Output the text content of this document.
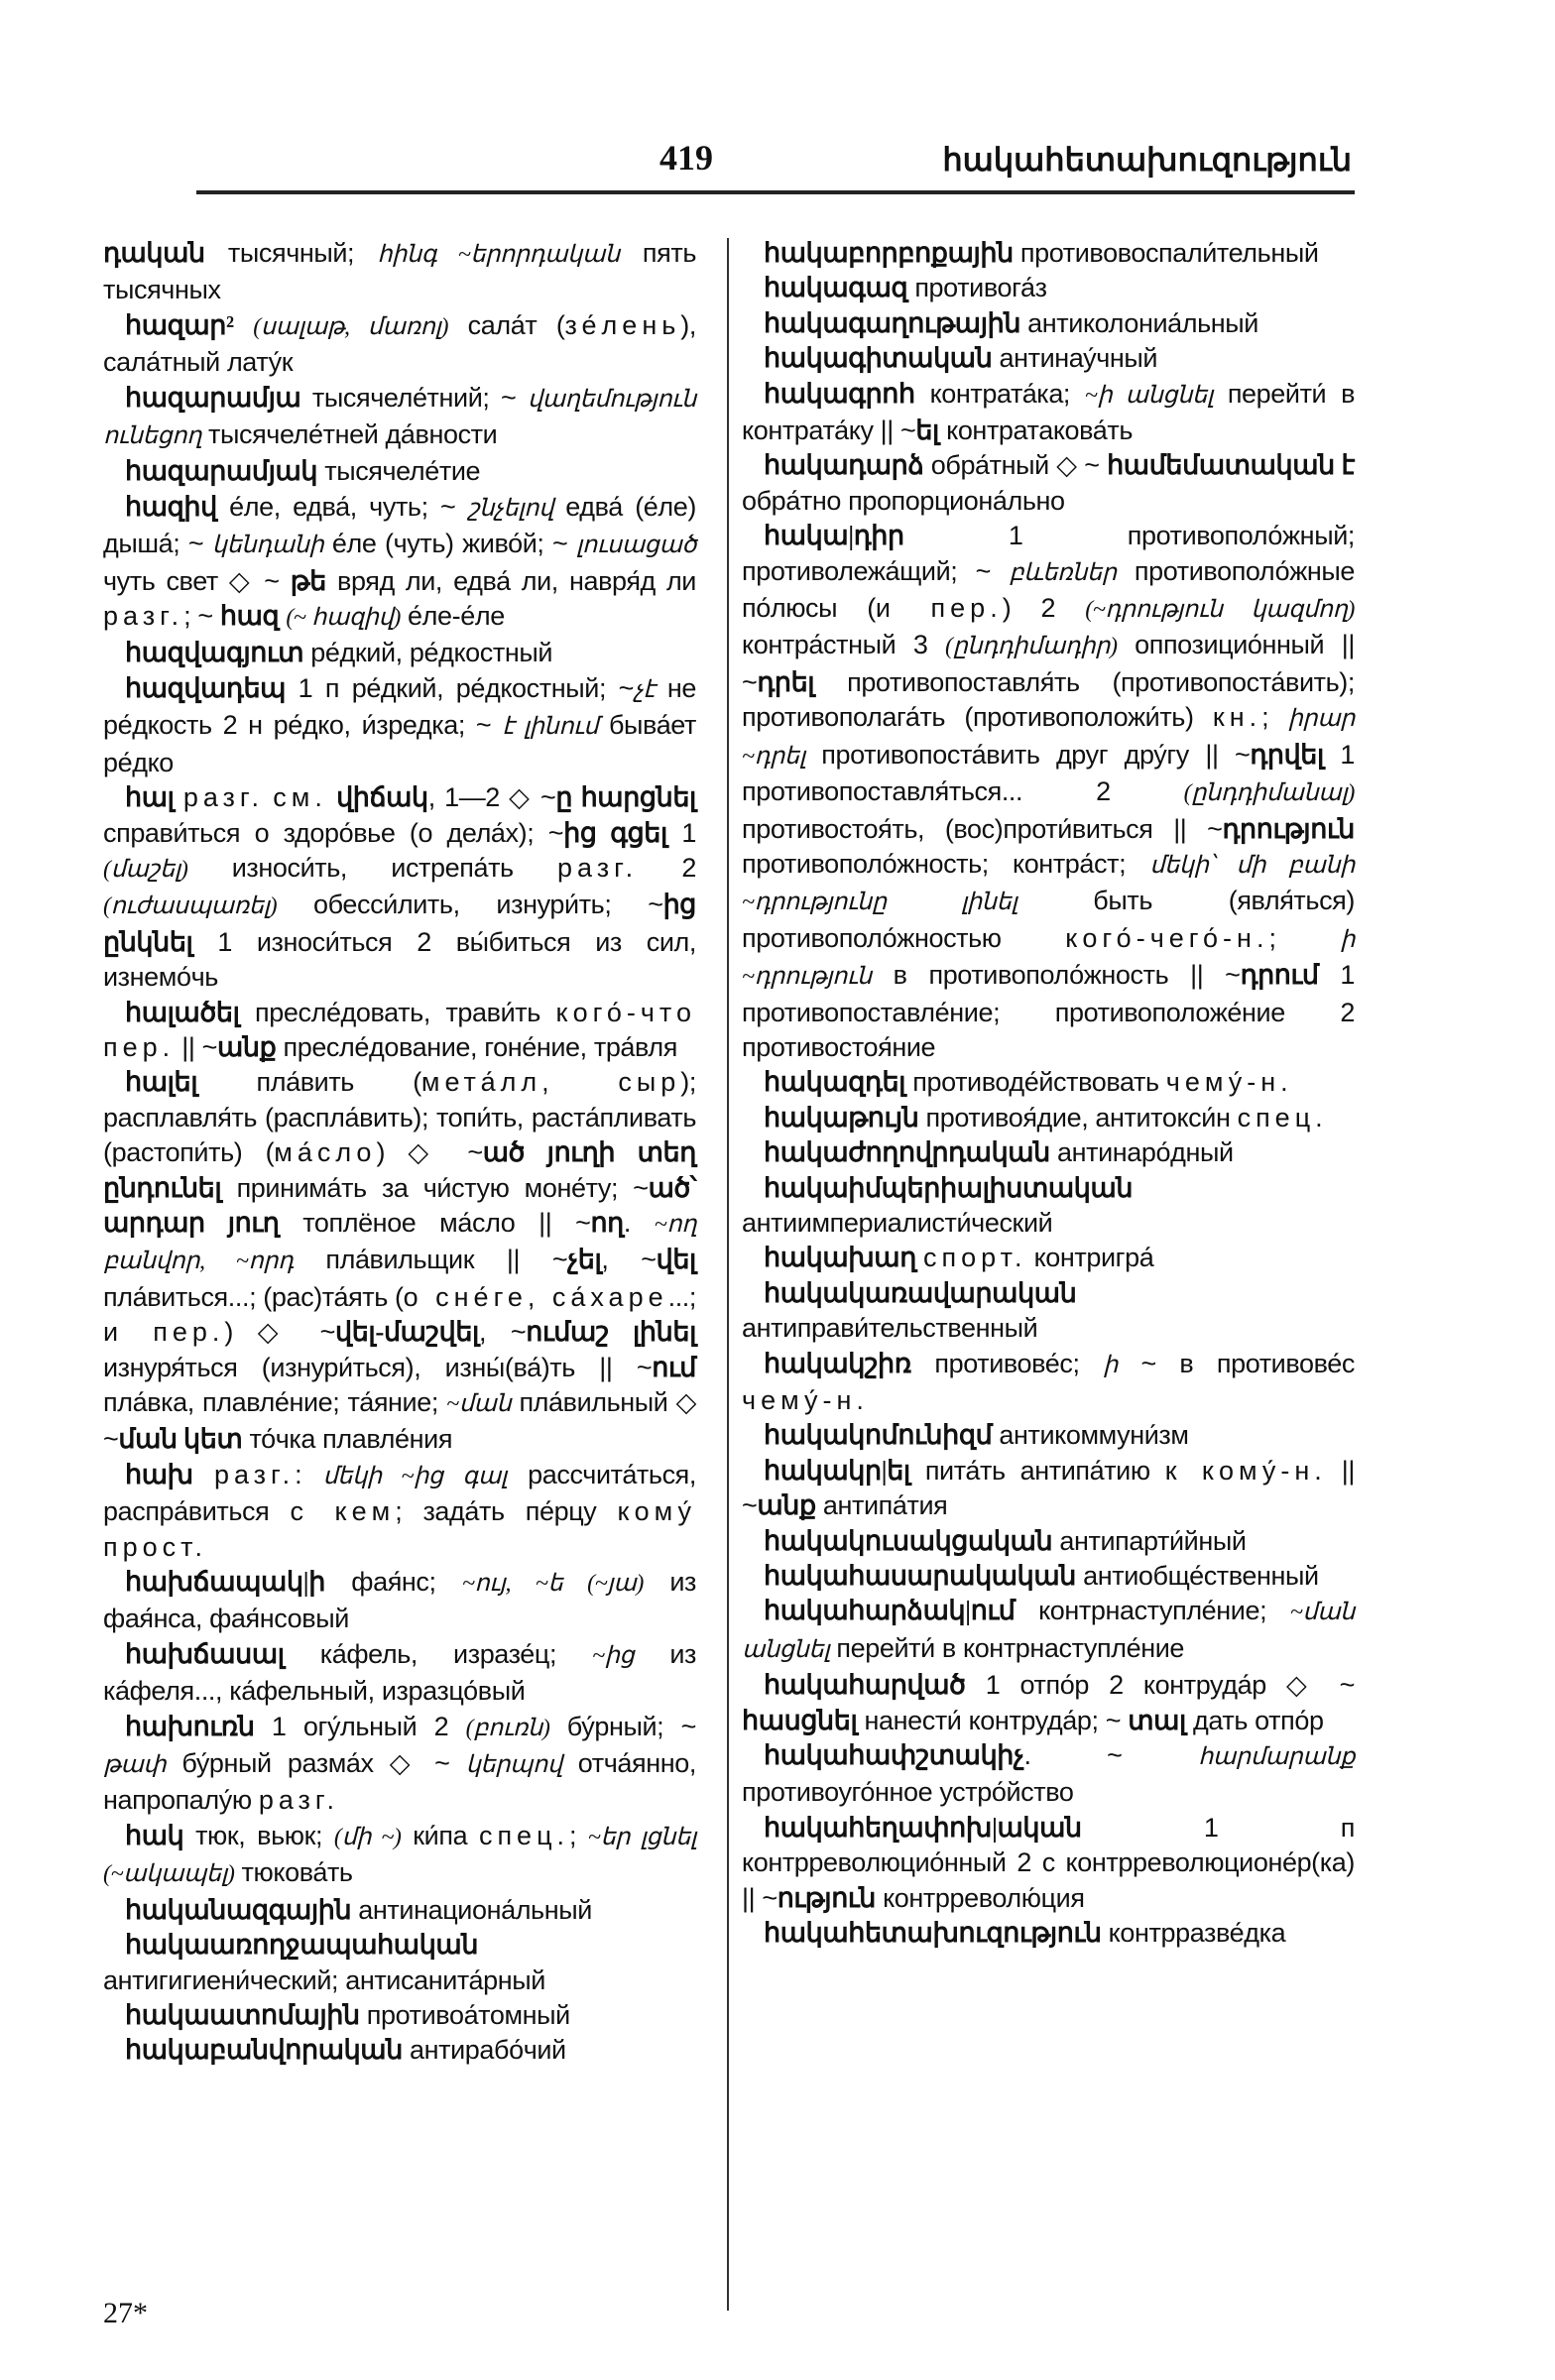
419	հակահետախուզություն

դական тысячный; հինգ ~երորդական пять тысячных

հազար² (սալաթ, մառոլ) сала́т (зе́лень), сала́тный лату́к

հազարամյա тысячеле́тний; ~ վաղեմություն ունեցող тысячеле́тней да́вности

հազարամյակ тысячеле́тие

հազիվ е́ле, едва́, чуть; ~ շնչելով едва́ (е́ле) дыша́; ~ կենդանի е́ле (чуть) живо́й; ~ լուսացած чуть свет ◇ ~ թե вряд ли, едва́ ли, навря́д ли разг.; ~ հազ (~ հազիվ) е́ле-е́ле

հազվագյուտ ре́дкий, ре́дкостный

հազվադեպ 1 п ре́дкий, ре́дкостный; ~չէ не ре́дкость 2 н ре́дко, и́зредка; ~ է լինում быва́ет ре́дко

հալ разг. см. վիճակ, 1—2 ◇ ~ը հարցնել справи́ться о здоро́вье (о дела́х); ~ից գցել 1 (մաշել) износи́ть, истрепа́ть разг. 2 (ուժասպառել) обесси́лить, изнури́ть; ~ից ընկնել 1 износи́ться 2 вы́биться из сил, изнемо́чь

հալածել пресле́довать, трави́ть кого́-что пер. || ~անք пресле́дование, гоне́ние, тра́вля

հալել пла́вить (мета́лл, сыр); расплавля́ть (распла́вить); топи́ть, раста́пливать (растопи́ть) (ма́сло) ◇ ~ած յուղի տեղ ընդունել принима́ть за чи́стую моне́ту; ~ած՝ արդար յուղ топлёное ма́сло || ~ող. ~ող բանվոր, ~որդ пла́вильщик || ~չել, ~վել пла́виться...; (рас)та́ять (о сне́ге, са́харе...; и пер.) ◇ ~վել-մաշվել, ~ումաշ լինել изнуря́ться (изнури́ться), изны́(ва́)ть || ~ում пла́вка, плавле́ние; та́яние; ~ման пла́вильный ◇ ~ման կետ то́чка плавле́ния

հախ разг.: մեկի ~ից գալ рассчита́ться, распра́виться с кем; зада́ть пе́рцу кому́ прост.

հախճապակ|ի фая́нс; ~ույ, ~ե (~յա) из фая́нса, фая́нсовый

հախճասալ ка́фель, изразе́ц; ~ից из ка́феля..., ка́фельный, изразцо́вый

հախուռն 1 огу́льный 2 (բուռն) бу́рный; ~ թափ бу́рный разма́х ◇ ~ կերպով отча́янно, напропалу́ю разг.

հակ тюк, вьюк; (մի ~) ки́па спец.; ~եր լցնել (~ակապել) тюкова́ть

հականազգային антинациона́льный

հակաառողջապահական антигигиени́ческий; антисанита́рный

հակաատոմային противоа́томный

հակաբանվորական антирабо́чий

հակաբորբոքային противовоспали́тельный

հակագազ противога́з

հակագաղութային антиколониа́льный

հակագիտական антинау́чный

հակագրոհ контрата́ка; ~ի անցնել перейти́ в контрата́ку || ~ել контратакова́ть

հակադարձ обра́тный ◇ ~ համեմատական է обра́тно пропорциона́льно

հակա|դիր 1 противополо́жный; противолежа́щий; ~ բևեռներ противополо́жные по́люсы (и пер.) 2 (~դրություն կազմող) контра́стный 3 (ընդդիմադիր) оппозицио́нный || ~դրել противопоставля́ть (противопоста́вить); противополага́ть (противоположи́ть) кн.; իրար ~դրել противопоста́вить друг дру́гу || ~դրվել 1 противопоставля́ться... 2 (ընդդիմանալ) противостоя́ть, (вос)проти́виться || ~դրություն противополо́жность; контра́ст; մեկի՝ մի բանի ~դրությունը լինել быть (явля́ться) противополо́жностью кого́-чего́-н.; ի ~դրություն в противополо́жность || ~դրում 1 противопоставле́ние; противоположе́ние 2 противостоя́ние

հակազդել противоде́йствовать чему́-н.

հակաթույն противоя́дие, антитокси́н спец.

հակաժողովրդական антинаро́дный

հակաիմպերիալիստական антиимпериалисти́ческий

հակախաղ спорт. контригра́

հակակառավարական антиправи́тельственный

հակակշիռ противове́с; ի ~ в противове́с чему́-н.

հակակոմունիզմ антикоммуни́зм

հակակր|ել пита́ть антипа́тию к кому́-н. || ~անք антипа́тия

հակակուսակցական антипарти́йный

հակահասարակական антиобще́ственный

հակահարձակ|ում контрнаступле́ние; ~ման անցնել перейти́ в контрнаступле́ние

հակահարված 1 отпо́р 2 контруда́р ◇ ~ հասցնել нанести́ контруда́р; ~ տալ дать отпо́р

հակահափշտակիչ. ~ հարմարանք противоуго́нное устро́йство

հակահեղափոխ|ական 1 п контрреволюцио́нный 2 с контрреволюционе́р(ка) || ~ություն контрреволю́ция

հակահետախուզություն контрразве́дка

27*
